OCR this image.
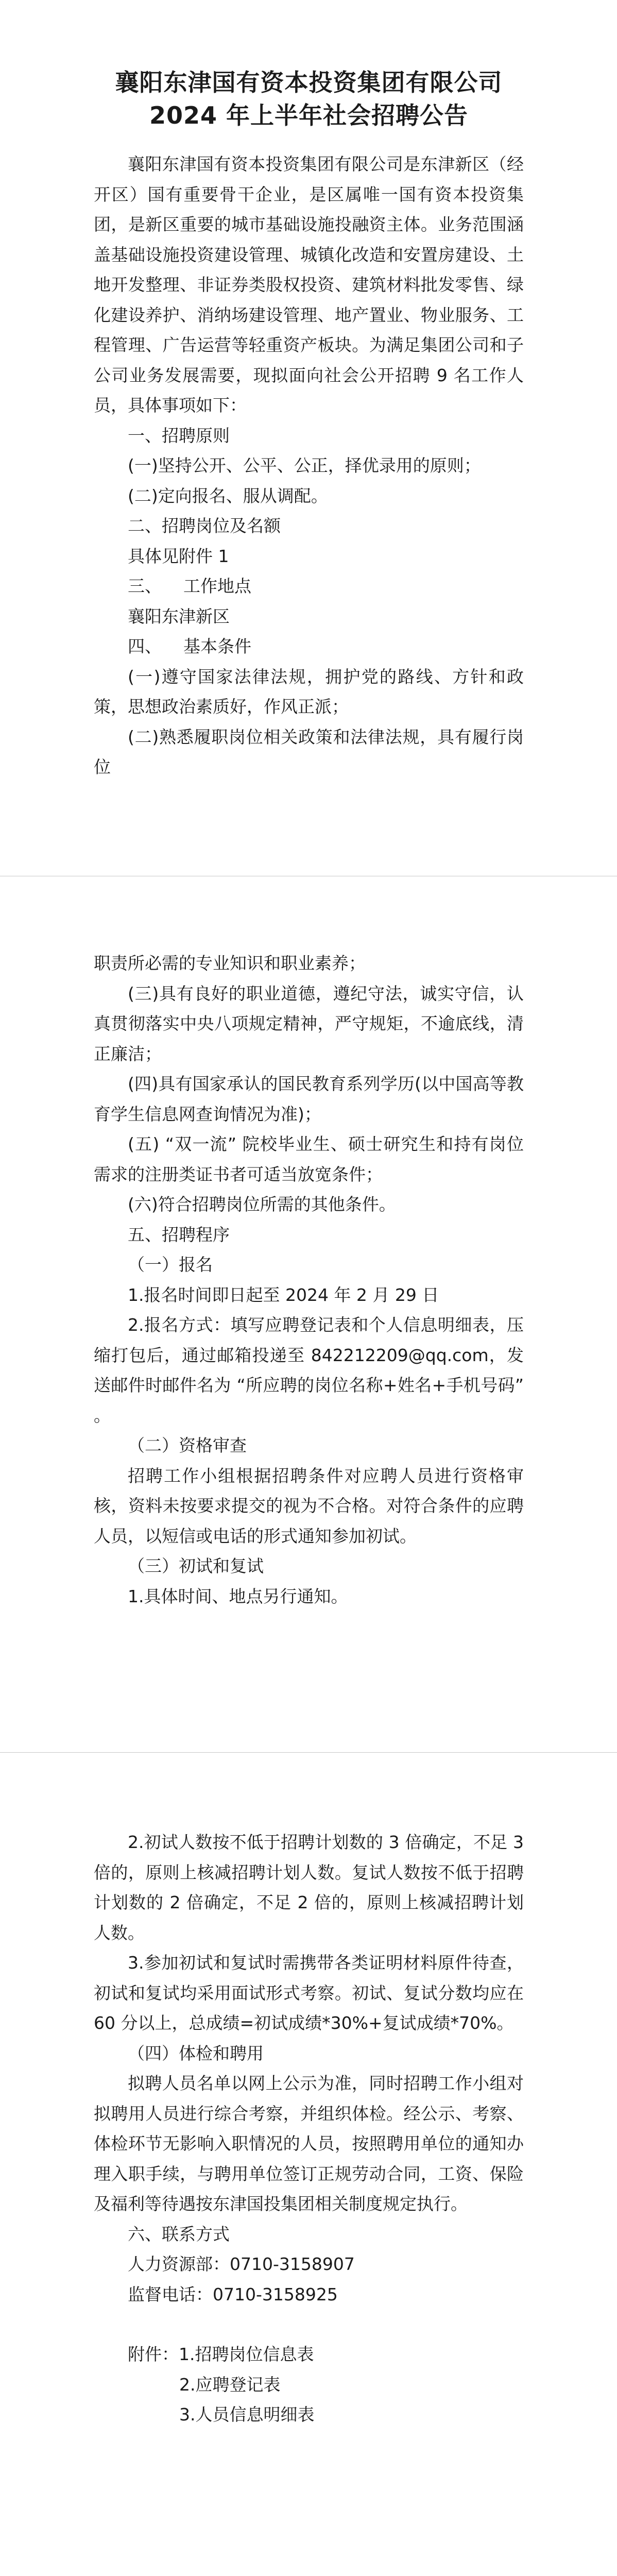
襄阳东津国有资本投资集团有限公司
2024 年上半年社会招聘公告

襄阳东津国有资本投资集团有限公司是东津新区（经开区）国有重要骨干企业，是区属唯一国有资本投资集团，是新区重要的城市基础设施投融资主体。业务范围涵盖基础设施投资建设管理、城镇化改造和安置房建设、土地开发整理、非证券类股权投资、建筑材料批发零售、绿化建设养护、消纳场建设管理、地产置业、物业服务、工程管理、广告运营等轻重资产板块。为满足集团公司和子公司业务发展需要，现拟面向社会公开招聘 9 名工作人员，具体事项如下：

一、招聘原则

(一)坚持公开、公平、公正，择优录用的原则；

(二)定向报名、服从调配。

二、招聘岗位及名额

具体见附件 1

三、    工作地点

襄阳东津新区

四、    基本条件

(一)遵守国家法律法规，拥护党的路线、方针和政策，思想政治素质好，作风正派；

(二)熟悉履职岗位相关政策和法律法规，具有履行岗位

职责所必需的专业知识和职业素养；

(三)具有良好的职业道德，遵纪守法，诚实守信，认真贯彻落实中央八项规定精神，严守规矩，不逾底线，清正廉洁；

(四)具有国家承认的国民教育系列学历(以中国高等教育学生信息网查询情况为准)；

(五) “双一流” 院校毕业生、硕士研究生和持有岗位需求的注册类证书者可适当放宽条件；

(六)符合招聘岗位所需的其他条件。

五、招聘程序

（一）报名

1.报名时间即日起至 2024 年 2 月 29 日

2.报名方式：填写应聘登记表和个人信息明细表，压缩打包后，通过邮箱投递至 842212209@qq.com，发送邮件时邮件名为 “所应聘的岗位名称+姓名+手机号码” 。

（二）资格审查

招聘工作小组根据招聘条件对应聘人员进行资格审核，资料未按要求提交的视为不合格。对符合条件的应聘人员，以短信或电话的形式通知参加初试。

（三）初试和复试

1.具体时间、地点另行通知。

2.初试人数按不低于招聘计划数的 3 倍确定，不足 3 倍的，原则上核减招聘计划人数。复试人数按不低于招聘计划数的 2 倍确定，不足 2 倍的，原则上核减招聘计划人数。

3.参加初试和复试时需携带各类证明材料原件待查，初试和复试均采用面试形式考察。初试、复试分数均应在 60 分以上，总成绩=初试成绩*30%+复试成绩*70%。

（四）体检和聘用

拟聘人员名单以网上公示为准，同时招聘工作小组对拟聘用人员进行综合考察，并组织体检。经公示、考察、体检环节无影响入职情况的人员，按照聘用单位的通知办理入职手续，与聘用单位签订正规劳动合同，工资、保险及福利等待遇按东津国投集团相关制度规定执行。

六、联系方式

人力资源部：0710-3158907

监督电话：0710-3158925

附件：1.招聘岗位信息表

2.应聘登记表

3.人员信息明细表
